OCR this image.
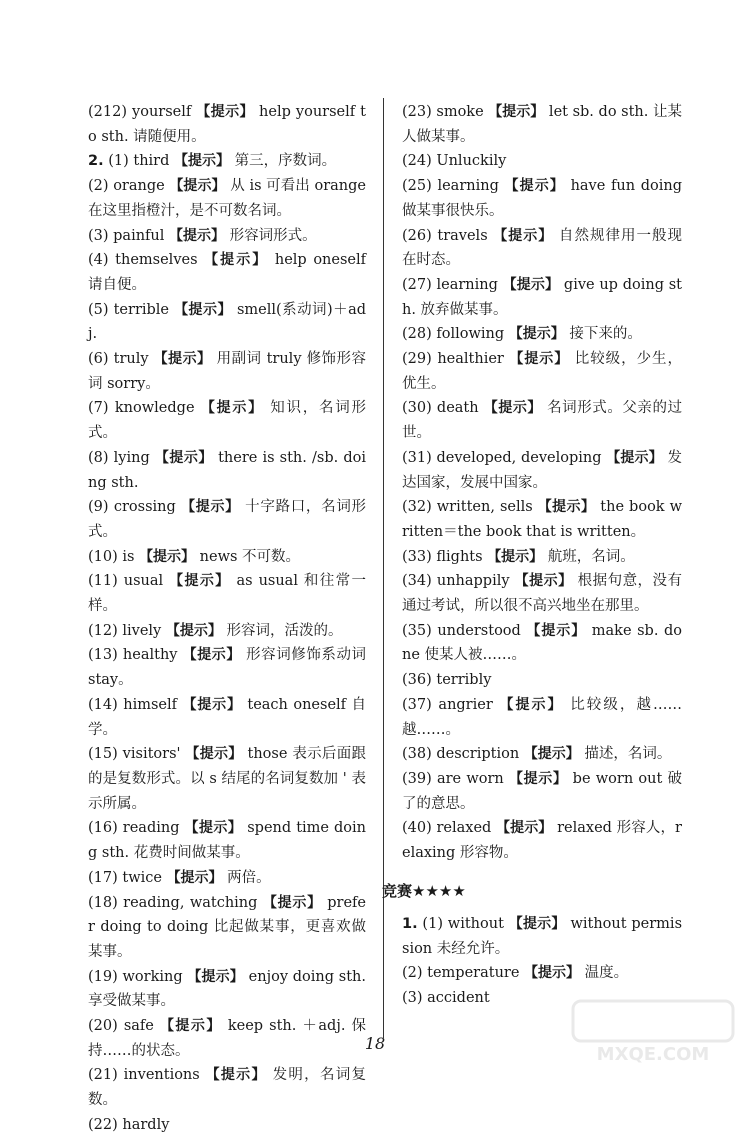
(212) yourself 【提示】 help yourself to sth. 请随便用。

2. (1) third 【提示】 第三，序数词。

(2) orange 【提示】 从 is 可看出 orange 在这里指橙汁，是不可数名词。

(3) painful 【提示】 形容词形式。

(4) themselves 【提示】 help oneself 请自便。

(5) terrible 【提示】 smell(系动词)＋adj.

(6) truly 【提示】 用副词 truly 修饰形容词 sorry。

(7) knowledge 【提示】 知识，名词形式。

(8) lying 【提示】 there is sth. /sb. doing sth.

(9) crossing 【提示】 十字路口，名词形式。

(10) is 【提示】 news 不可数。

(11) usual 【提示】 as usual 和往常一样。

(12) lively 【提示】 形容词，活泼的。

(13) healthy 【提示】 形容词修饰系动词 stay。

(14) himself 【提示】 teach oneself 自学。

(15) visitors' 【提示】 those 表示后面跟的是复数形式。以 s 结尾的名词复数加 ' 表示所属。

(16) reading 【提示】 spend time doing sth. 花费时间做某事。

(17) twice 【提示】 两倍。

(18) reading, watching 【提示】 prefer doing to doing 比起做某事，更喜欢做某事。

(19) working 【提示】 enjoy doing sth. 享受做某事。

(20) safe 【提示】 keep sth. ＋adj. 保持……的状态。

(21) inventions 【提示】 发明，名词复数。

(22) hardly

(23) smoke 【提示】 let sb. do sth. 让某人做某事。

(24) Unluckily

(25) learning 【提示】 have fun doing 做某事很快乐。

(26) travels 【提示】 自然规律用一般现在时态。

(27) learning 【提示】 give up doing sth. 放弃做某事。

(28) following 【提示】 接下来的。

(29) healthier 【提示】 比较级，少生，优生。

(30) death 【提示】 名词形式。父亲的过世。

(31) developed, developing 【提示】 发达国家，发展中国家。

(32) written, sells 【提示】 the book written＝the book that is written。

(33) flights 【提示】 航班，名词。

(34) unhappily 【提示】 根据句意，没有通过考试，所以很不高兴地坐在那里。

(35) understood 【提示】 make sb. done 使某人被……。

(36) terribly

(37) angrier 【提示】 比较级，越……越……。

(38) description 【提示】 描述，名词。

(39) are worn 【提示】 be worn out 破了的意思。

(40) relaxed 【提示】 relaxed 形容人，relaxing 形容物。

竞赛★★★★

1. (1) without 【提示】 without permission 未经允许。

(2) temperature 【提示】 温度。

(3) accident

18
MXQE.COM
